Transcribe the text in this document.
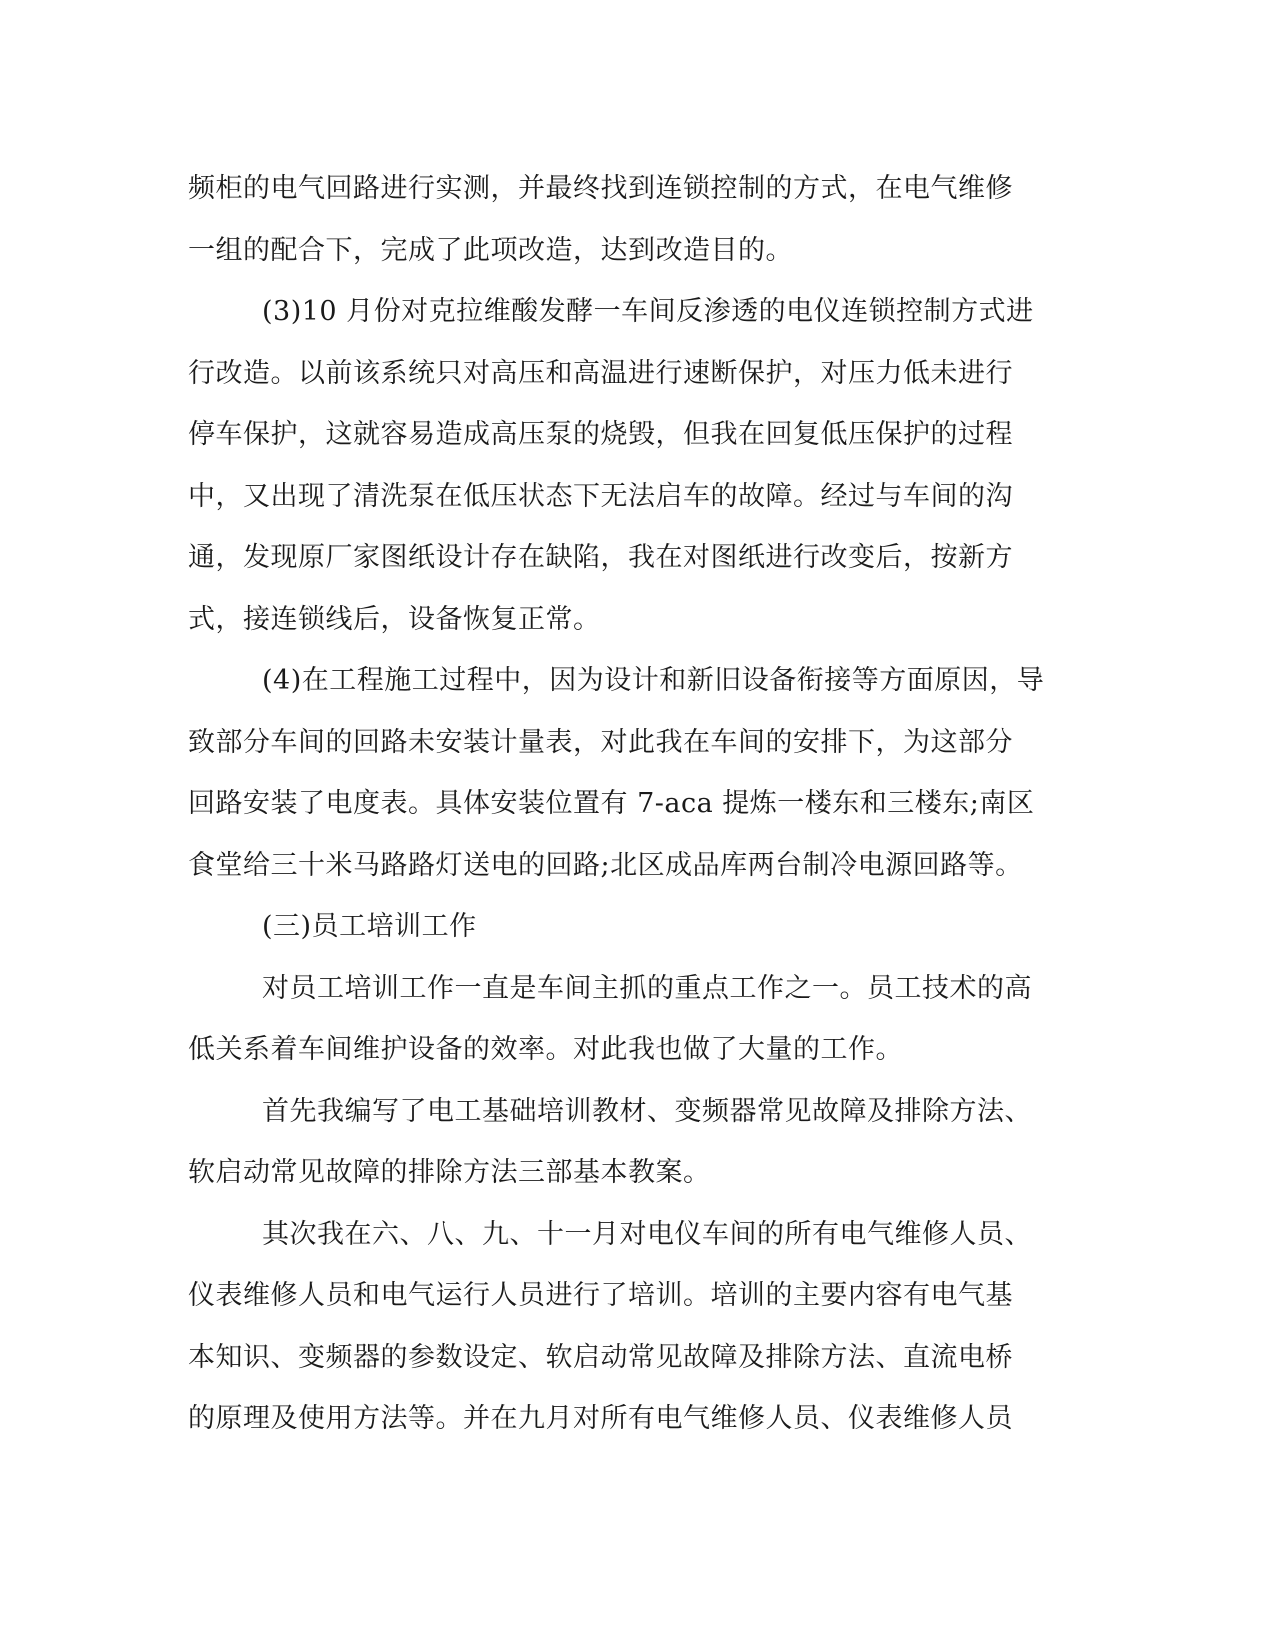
频柜的电气回路进行实测，并最终找到连锁控制的方式，在电气维修
一组的配合下，完成了此项改造，达到改造目的。
(3)10 月份对克拉维酸发酵一车间反渗透的电仪连锁控制方式进
行改造。以前该系统只对高压和高温进行速断保护，对压力低未进行
停车保护，这就容易造成高压泵的烧毁，但我在回复低压保护的过程
中，又出现了清洗泵在低压状态下无法启车的故障。经过与车间的沟
通，发现原厂家图纸设计存在缺陷，我在对图纸进行改变后，按新方
式，接连锁线后，设备恢复正常。
(4)在工程施工过程中，因为设计和新旧设备衔接等方面原因，导
致部分车间的回路未安装计量表，对此我在车间的安排下，为这部分
回路安装了电度表。具体安装位置有 7-aca 提炼一楼东和三楼东;南区
食堂给三十米马路路灯送电的回路;北区成品库两台制冷电源回路等。
(三)员工培训工作
对员工培训工作一直是车间主抓的重点工作之一。员工技术的高
低关系着车间维护设备的效率。对此我也做了大量的工作。
首先我编写了电工基础培训教材、变频器常见故障及排除方法、
软启动常见故障的排除方法三部基本教案。
其次我在六、八、九、十一月对电仪车间的所有电气维修人员、
仪表维修人员和电气运行人员进行了培训。培训的主要内容有电气基
本知识、变频器的参数设定、软启动常见故障及排除方法、直流电桥
的原理及使用方法等。并在九月对所有电气维修人员、仪表维修人员
